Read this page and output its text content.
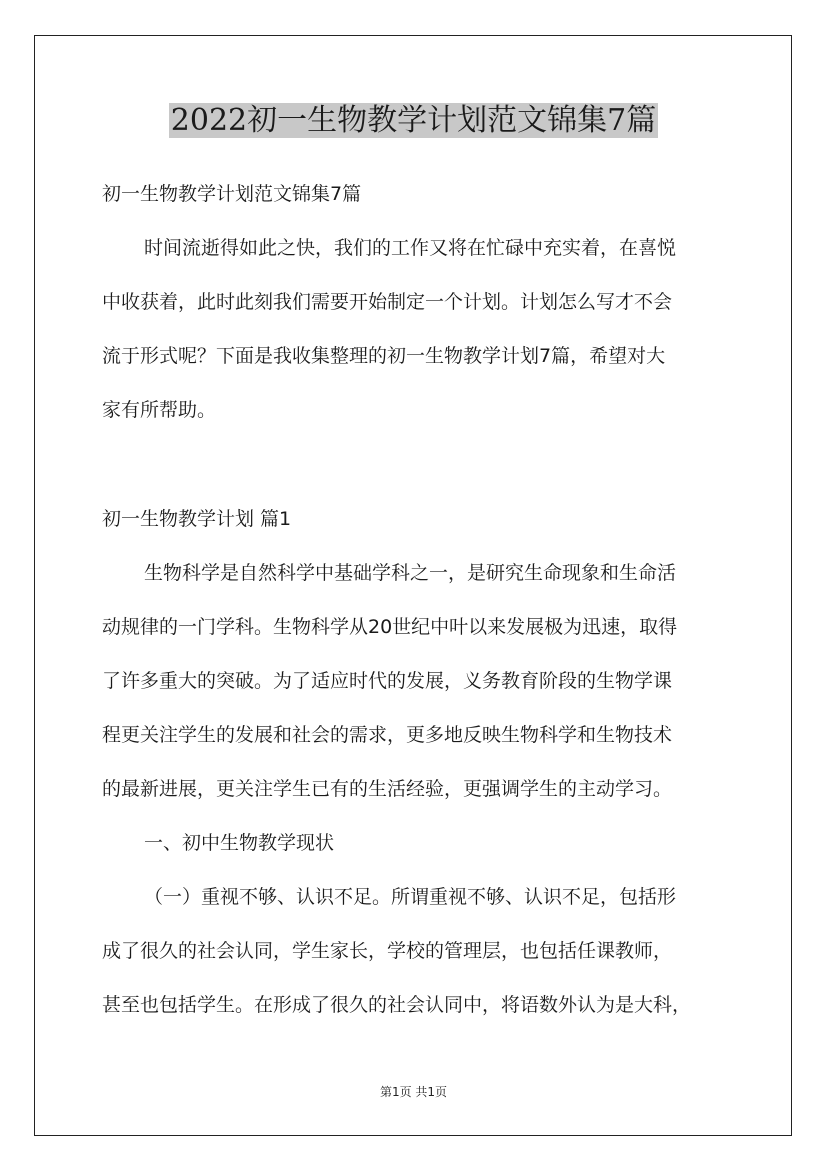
2022初一生物教学计划范文锦集7篇
初一生物教学计划范文锦集7篇
时间流逝得如此之快，我们的工作又将在忙碌中充实着，在喜悦
中收获着，此时此刻我们需要开始制定一个计划。计划怎么写才不会
流于形式呢？下面是我收集整理的初一生物教学计划7篇，希望对大
家有所帮助。
初一生物教学计划 篇1
生物科学是自然科学中基础学科之一，是研究生命现象和生命活
动规律的一门学科。生物科学从20世纪中叶以来发展极为迅速，取得
了许多重大的突破。为了适应时代的发展，义务教育阶段的生物学课
程更关注学生的发展和社会的需求，更多地反映生物科学和生物技术
的最新进展，更关注学生已有的生活经验，更强调学生的主动学习。
一、初中生物教学现状
（一）重视不够、认识不足。所谓重视不够、认识不足，包括形
成了很久的社会认同，学生家长，学校的管理层，也包括任课教师，
甚至也包括学生。在形成了很久的社会认同中，将语数外认为是大科，
第1页 共1页
